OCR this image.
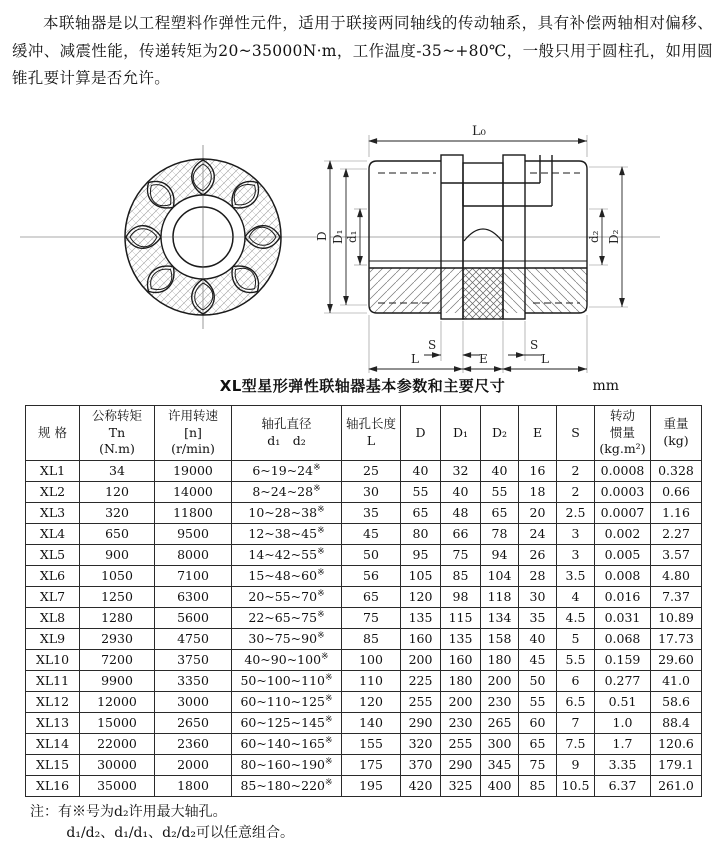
本联轴器是以工程塑料作弹性元件，适用于联接两同轴线的传动轴系，具有补偿两轴相对偏移、缓冲、减震性能，传递转矩为20~35000N·m，工作温度-35~+80℃，一般只用于圆柱孔，如用圆锥孔要计算是否允许。

L₀
D D₁ d₁	d₂ D₂
S	S
L	E	L
XL型星形弹性联轴器基本参数和主要尺寸	mm
规 格	公称转矩
Tn
(N.m)	许用转速
[n]
(r/min)	轴孔直径
d₁　d₂	轴孔长度
L	D	D₁	D₂	E	S	转动
惯量
(kg.m²)	重量
(kg)
XL1	34	19000	6~19~24※	25	40	32	40	16	2	0.0008	0.328
XL2	120	14000	8~24~28※	30	55	40	55	18	2	0.0003	0.66
XL3	320	11800	10~28~38※	35	65	48	65	20	2.5	0.0007	1.16
XL4	650	9500	12~38~45※	45	80	66	78	24	3	0.002	2.27
XL5	900	8000	14~42~55※	50	95	75	94	26	3	0.005	3.57
XL6	1050	7100	15~48~60※	56	105	85	104	28	3.5	0.008	4.80
XL7	1250	6300	20~55~70※	65	120	98	118	30	4	0.016	7.37
XL8	1280	5600	22~65~75※	75	135	115	134	35	4.5	0.031	10.89
XL9	2930	4750	30~75~90※	85	160	135	158	40	5	0.068	17.73
XL10	7200	3750	40~90~100※	100	200	160	180	45	5.5	0.159	29.60
XL11	9900	3350	50~100~110※	110	225	180	200	50	6	0.277	41.0
XL12	12000	3000	60~110~125※	120	255	200	230	55	6.5	0.51	58.6
XL13	15000	2650	60~125~145※	140	290	230	265	60	7	1.0	88.4
XL14	22000	2360	60~140~165※	155	320	255	300	65	7.5	1.7	120.6
XL15	30000	2000	80~160~190※	175	370	290	345	75	9	3.35	179.1
XL16	35000	1800	85~180~220※	195	420	325	400	85	10.5	6.37	261.0
注：有※号为d₂许用最大轴孔。
d₁/d₂、d₁/d₁、d₂/d₂可以任意组合。
